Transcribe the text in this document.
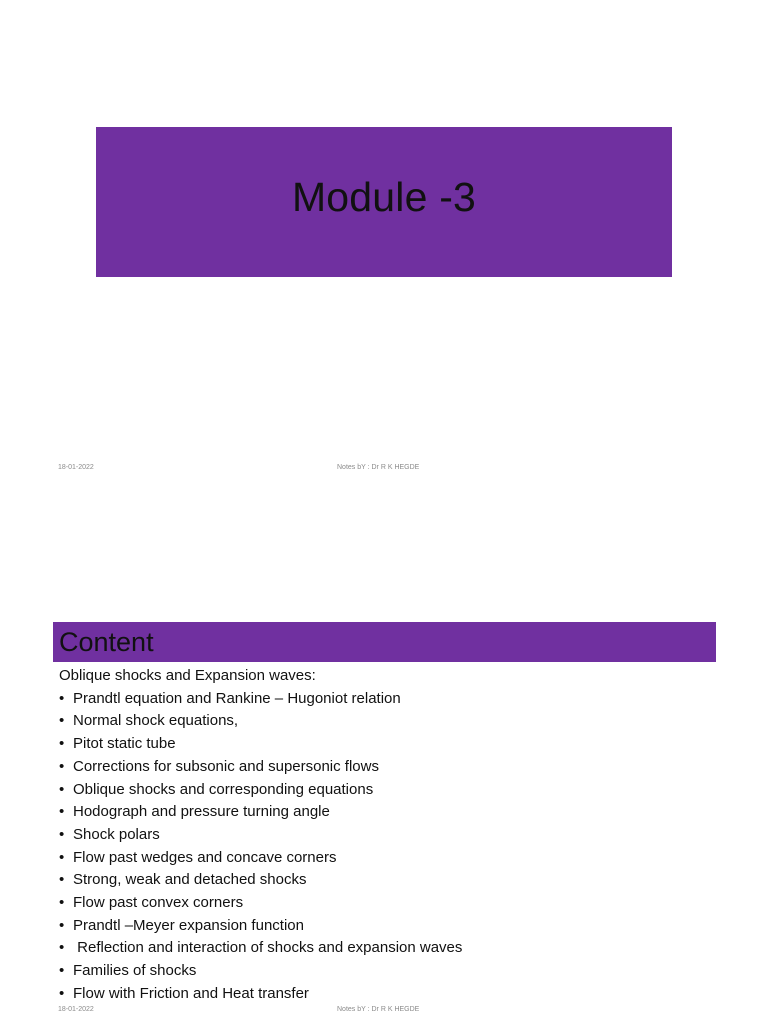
Module -3
18-01-2022	Notes bY : Dr R K HEGDE
Content
Oblique shocks and Expansion waves:
• Prandtl equation and Rankine – Hugoniot relation
• Normal shock equations,
• Pitot static tube
• Corrections for subsonic and supersonic flows
• Oblique shocks and corresponding equations
• Hodograph and pressure turning angle
• Shock polars
• Flow past wedges and concave corners
• Strong, weak and detached shocks
• Flow past convex corners
• Prandtl –Meyer expansion function
• Reflection and interaction of shocks and expansion waves
• Families of shocks
• Flow with Friction and Heat transfer
18-01-2022	Notes bY : Dr R K HEGDE
